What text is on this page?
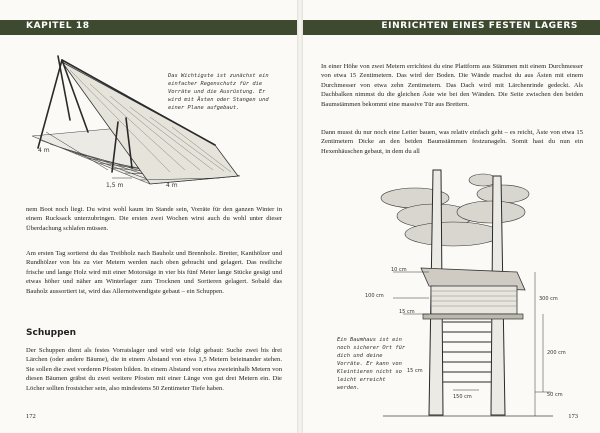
KAPITEL 18
4 m
1,5 m	4 m

Das Wichtigste ist zunächst ein einfacher Regenschutz für die Vorräte und die Ausrüstung. Er wird mit Ästen oder Stangen und einer Plane aufgebaut.

nem Boot noch liegt. Du wirst wohl kaum im Stande sein, Vorräte für den ganzen Winter in einem Rucksack unterzubringen. Die ersten zwei Wochen wirst auch du wohl unter dieser Überdachung schlafen müssen.

Am ersten Tag sortierst du das Treibholz nach Bauholz und Brennholz. Bretter, Kanthölzer und Rundhölzer von bis zu vier Metern werden nach oben gebracht und gelagert. Das restliche frische und lange Holz wird mit einer Motorsäge in vier bis fünf Meter lange Stücke gesägt und etwas höher und näher am Winterlager zum Trocknen und Sortieren gelagert. Sobald das Bauholz aussortiert ist, wird das Allernotwendigste gebaut – ein Schuppen.

Schuppen

Der Schuppen dient als festes Vorratslager und wird wie folgt gebaut: Suche zwei bis drei Lärchen (oder andere Bäume), die in einem Abstand von etwa 1,5 Metern beieinander stehen. Sie sollen die zwei vorderen Pfosten bilden. In einem Abstand von etwa zweieinhalb Metern von diesen Bäumen gräbst du zwei weitere Pfosten mit einer Länge von gut drei Metern ein. Die Löcher sollten frostsicher sein, also mindestens 50 Zentimeter Tiefe haben.

172
EINRICHTEN EINES FESTEN LAGERS

In einer Höhe von zwei Metern errichtest du eine Plattform aus Stämmen mit einem Durchmesser von etwa 15 Zentimetern. Das wird der Boden. Die Wände machst du aus Ästen mit einem Durchmesser von etwa zehn Zentimetern. Das Dach wird mit Lärchenrinde gedeckt. Als Dachbalken nimmst du die gleichen Äste wie bei den Wänden. Die Seite zwischen den beiden Baumstämmen bekommt eine massive Tür aus Brettern.

Dann musst du nur noch eine Leiter bauen, was relativ einfach geht – es reicht, Äste von etwa 15 Zentimetern Dicke an den beiden Baumstämmen festzunageln. Somit hast du nun ein Hexenhäuschen gebaut, in dem du all

10 cm
100 cm
15 cm
15 cm
150 cm
300 cm
200 cm
50 cm

Ein Baumhaus ist ein noch sicherer Ort für dich und deine Vorräte. Er kann von Kleintieren nicht so leicht erreicht werden.

173
